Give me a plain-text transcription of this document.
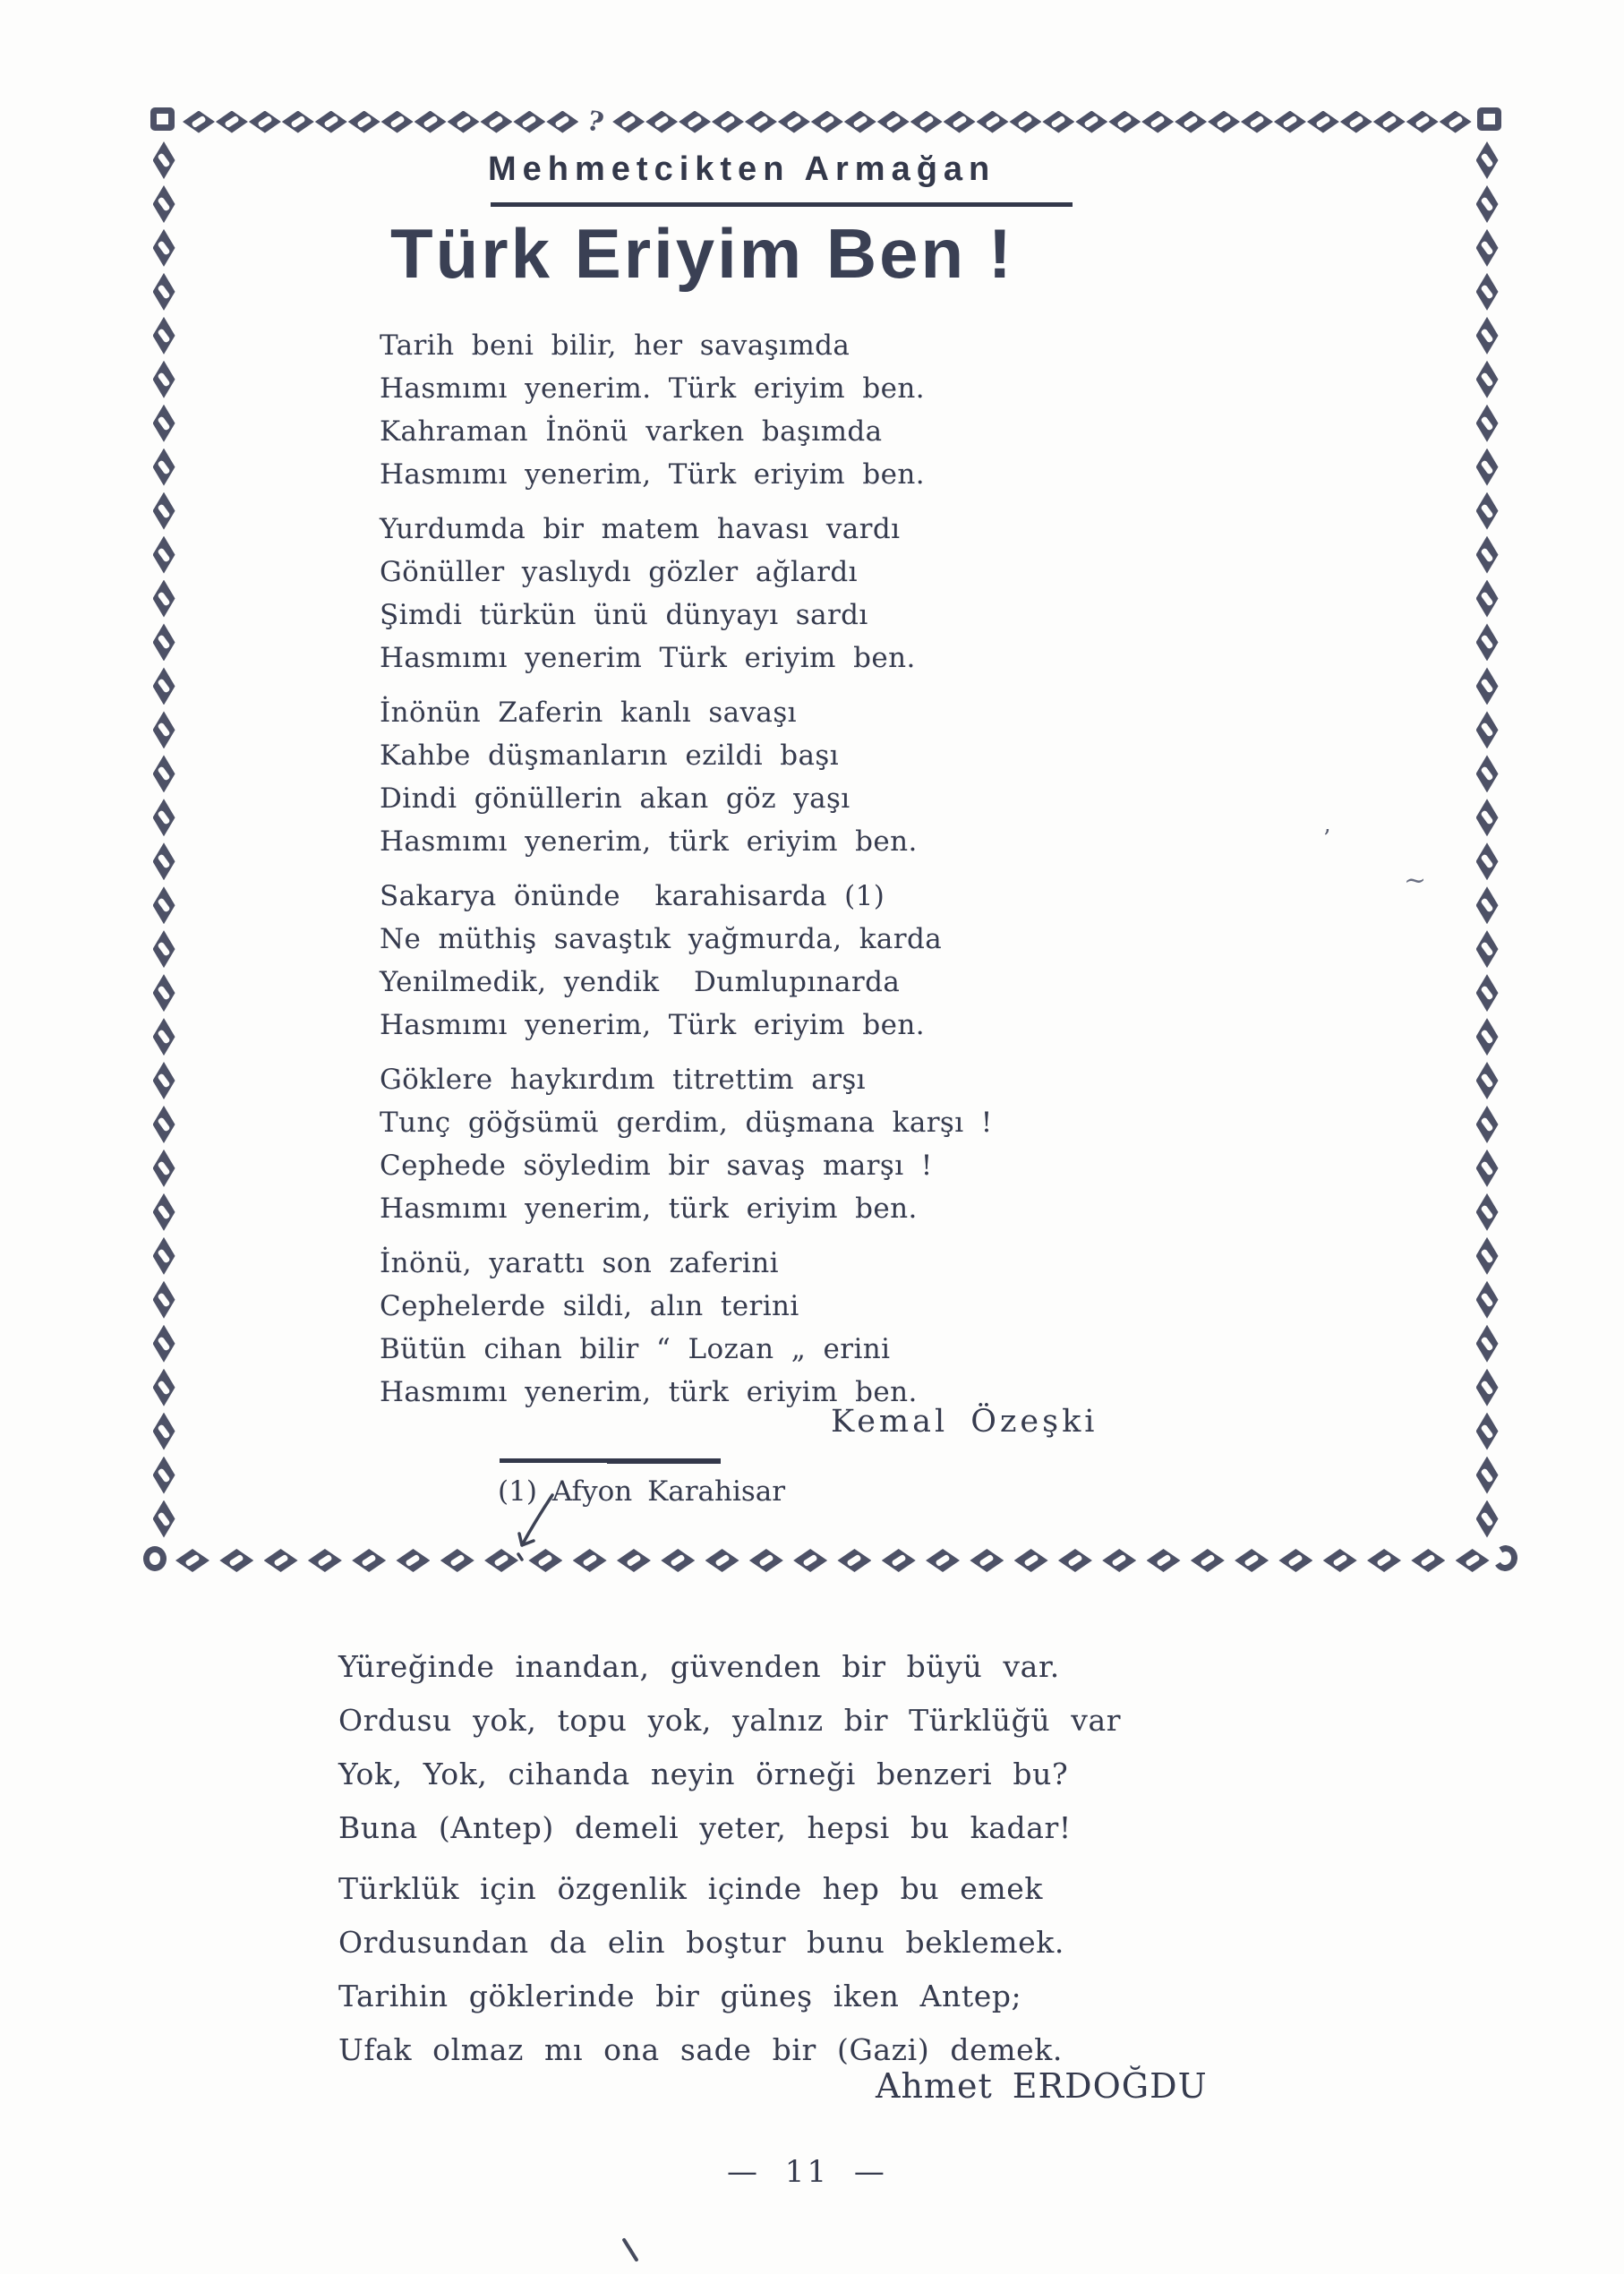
?
Mehmetcikten Armağan
Türk Eriyim Ben !

Tarih beni bilir, her savaşımda

Hasmımı yenerim. Türk eriyim ben.

Kahraman İnönü varken başımda

Hasmımı yenerim, Türk eriyim ben.

Yurdumda bir matem havası vardı

Gönüller yaslıydı gözler ağlardı

Şimdi türkün ünü dünyayı sardı

Hasmımı yenerim Türk eriyim ben.

İnönün Zaferin kanlı savaşı

Kahbe düşmanların ezildi başı

Dindi gönüllerin akan göz yaşı

Hasmımı yenerim, türk eriyim ben.

Sakarya önünde  karahisarda (1)

Ne müthiş savaştık yağmurda, karda

Yenilmedik, yendik  Dumlupınarda

Hasmımı yenerim, Türk eriyim ben.

Göklere haykırdım titrettim arşı

Tunç göğsümü gerdim, düşmana karşı !

Cephede söyledim bir savaş marşı !

Hasmımı yenerim, türk eriyim ben.

İnönü, yarattı son zaferini

Cephelerde sildi, alın terini

Bütün cihan bilir “ Lozan „ erini

Hasmımı yenerim, türk eriyim ben.

Kemal Özeşki
(1) Afyon Karahisar

Yüreğinde inandan, güvenden bir büyü var.

Ordusu yok, topu yok, yalnız bir Türklüğü var

Yok, Yok, cihanda neyin örneği benzeri bu?

Buna (Antep) demeli yeter, hepsi bu kadar!

Türklük için özgenlik içinde hep bu emek

Ordusundan da elin boştur bunu beklemek.

Tarihin göklerinde bir güneş iken Antep;

Ufak olmaz mı ona sade bir (Gazi) demek.

Ahmet ERDOĞDU
— 11 —
’
~
